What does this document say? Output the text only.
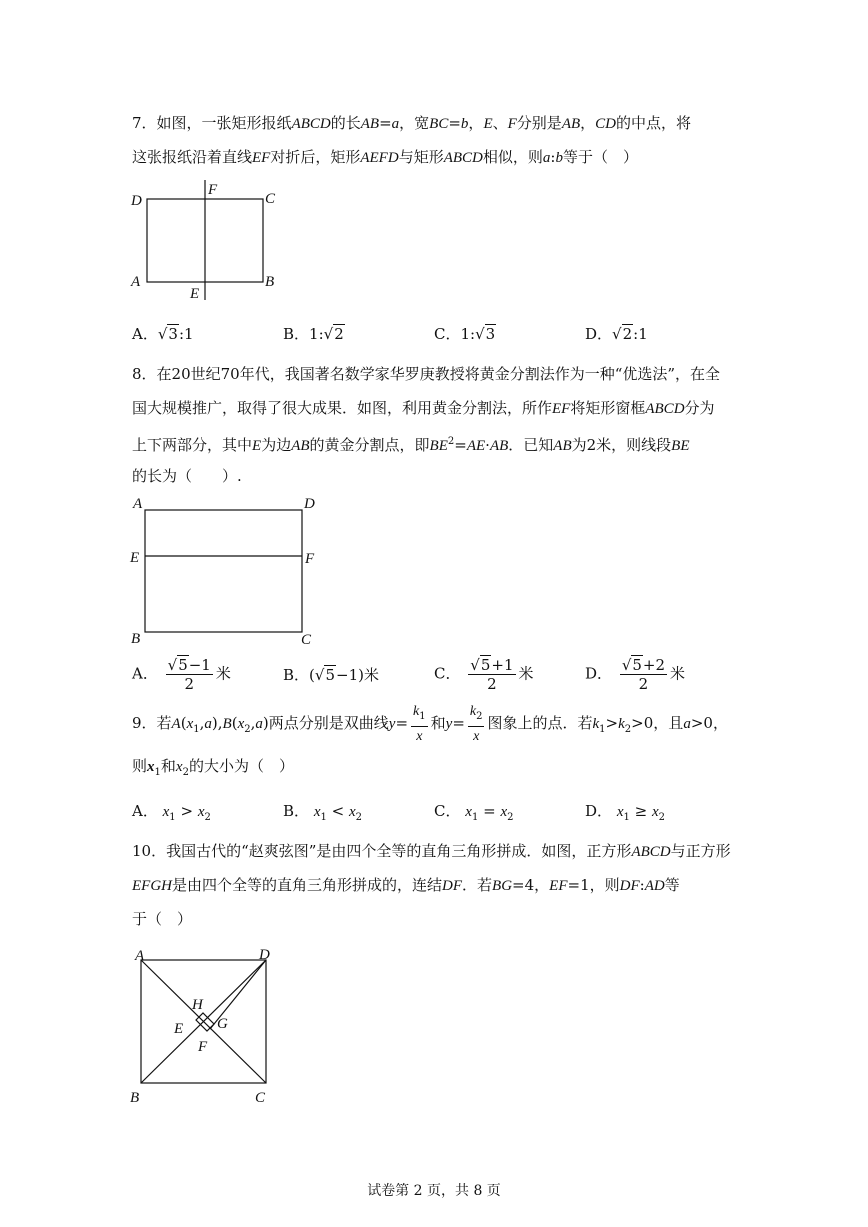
7．如图，一张矩形报纸ABCD的长AB=a，宽BC=b，E、F分别是AB，CD的中点，将
这张报纸沿着直线EF对折后，矩形AEFD与矩形ABCD相似，则a:b等于（　）
D
F
C
A
E
B
A．√3:1	B．1:√2	C．1:√3	D．√2:1
8．在20世纪70年代，我国著名数学家华罗庚教授将黄金分割法作为一种“优选法”，在全
国大规模推广，取得了很大成果．如图，利用黄金分割法，所作EF将矩形窗框ABCD分为
上下两部分，其中E为边AB的黄金分割点，即$BE^2=AE\cdot AB$．已知AB为2米，则线段BE
的长为（　　）.
A	D
E	F
B	C
A． $\frac{√5-1}{2}$ 米	B．(√5−1)米	C． $\frac{√5+1}{2}$ 米	D． $\frac{√5+2}{2}$ 米
9．若$A(x_1,a),B(x_2,a)$两点分别是双曲线$y= \frac{k_1}{x}$ 和$y= \frac{k_2}{x}$ 图象上的点．若$k_1>k_2>0$，且a>0，
则$x_1$和$x_2$的大小为（　）
A． $x_1 > x_2$	B． $x_1 < x_2$	C． $x_1 = x_2$	D． $x_1 \ge x_2$
10．我国古代的“赵爽弦图”是由四个全等的直角三角形拼成．如图，正方形ABCD与正方形
EFGH是由四个全等的直角三角形拼成的，连结DF．若BG=4，EF=1，则DF:AD等
于（　）
A	D
H
E G
F
B	C
试卷第 2 页，共 8 页
